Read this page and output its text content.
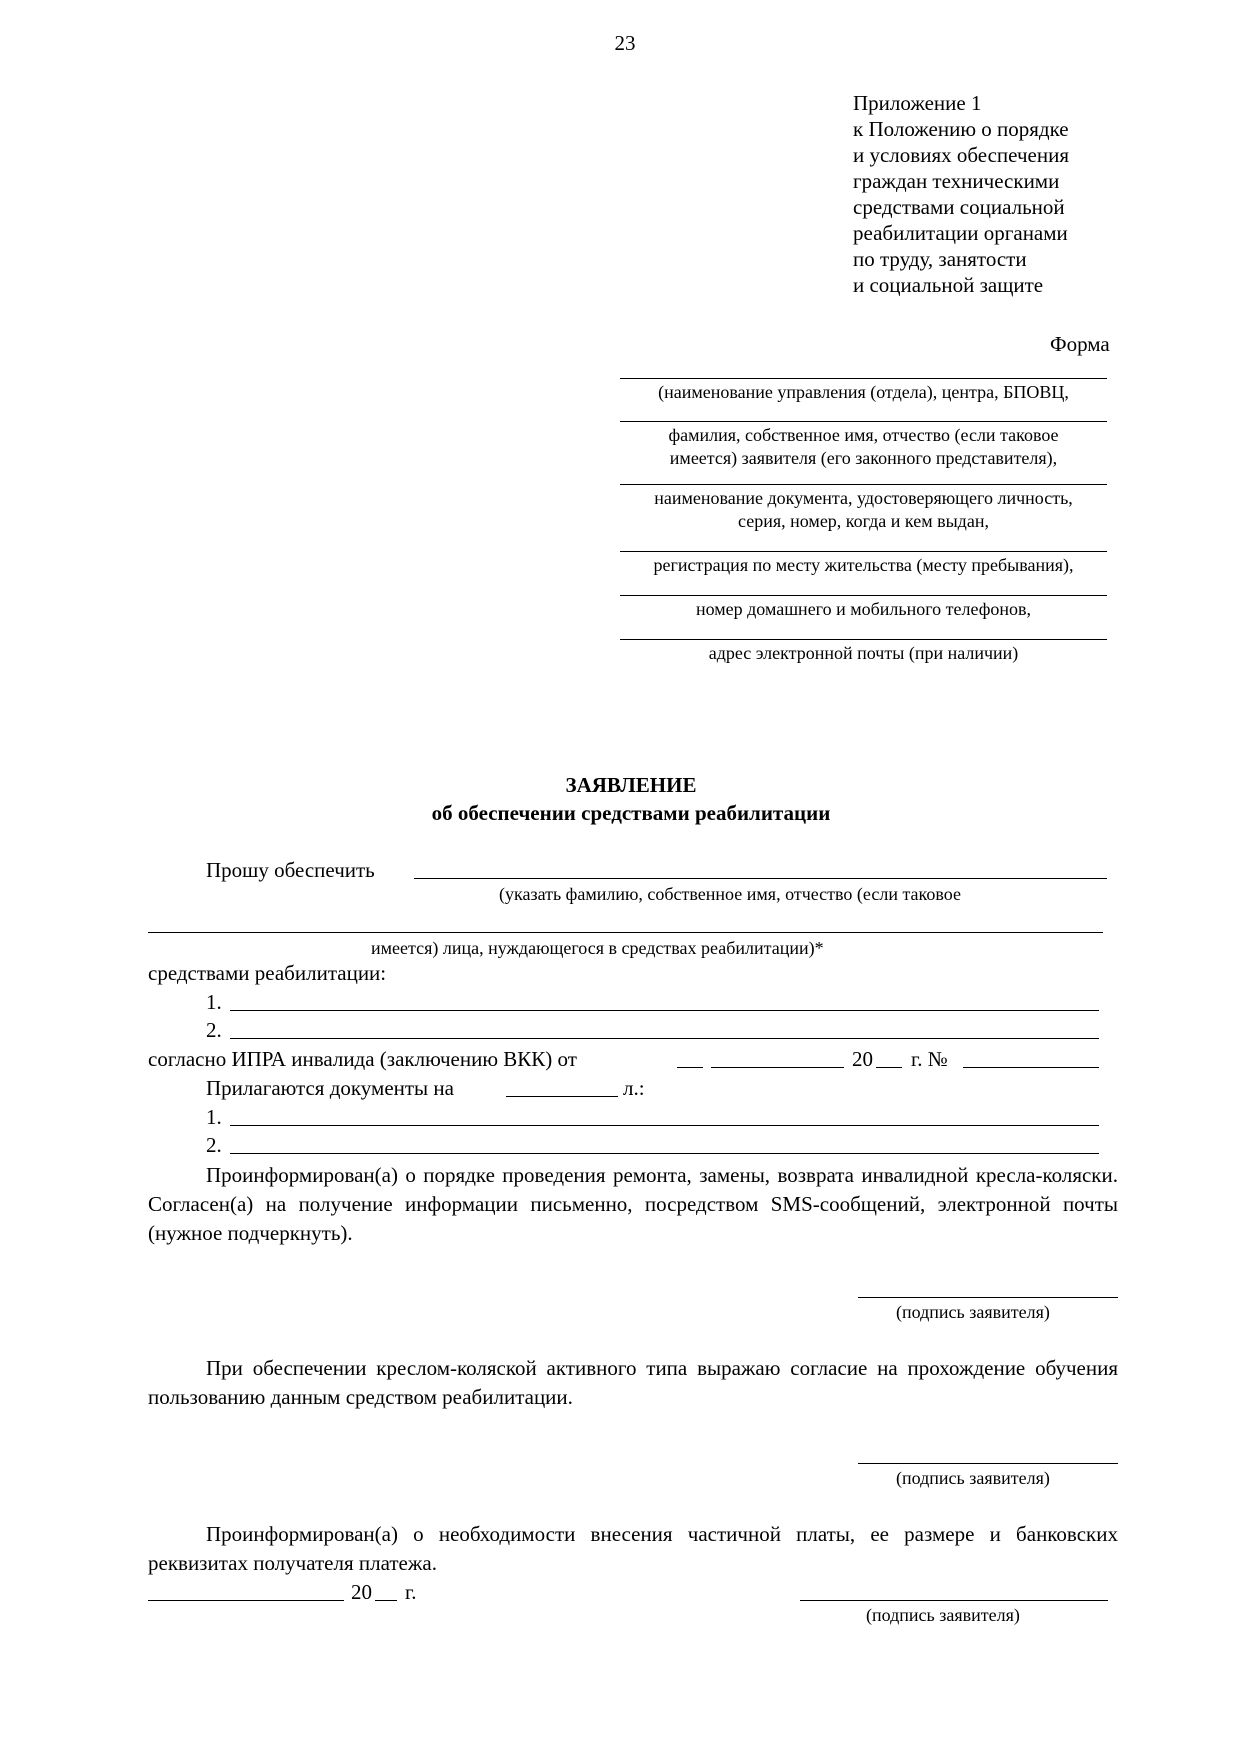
23
Приложение 1
к Положению о порядке
и условиях обеспечения
граждан техническими
средствами социальной
реабилитации органами
по труду, занятости
и социальной защите
Форма
(наименование управления (отдела), центра, БПОВЦ,
фамилия, собственное имя, отчество (если таковое
имеется) заявителя (его законного представителя),
наименование документа, удостоверяющего личность,
серия, номер, когда и кем выдан,
регистрация по месту жительства (месту пребывания),
номер домашнего и мобильного телефонов,
адрес электронной почты (при наличии)
ЗАЯВЛЕНИЕ
об обеспечении средствами реабилитации
Прошу обеспечить
(указать фамилию, собственное имя, отчество (если таковое
имеется) лица, нуждающегося в средствах реабилитации)*
средствами реабилитации:
1.
2.
согласно ИПРА инвалида (заключению ВКК) от	20 г. №
Прилагаются документы на	л.:
1.
2.
Проинформирован(а) о порядке проведения ремонта, замены, возврата инвалидной кресла-коляски. Согласен(а) на получение информации письменно, посредством SMS-сообщений, электронной почты (нужное подчеркнуть).
(подпись заявителя)
При обеспечении креслом-коляской активного типа выражаю согласие на прохождение обучения пользованию данным средством реабилитации.
(подпись заявителя)
Проинформирован(а) о необходимости внесения частичной платы, ее размере и банковских реквизитах получателя платежа.
20 г.
(подпись заявителя)
